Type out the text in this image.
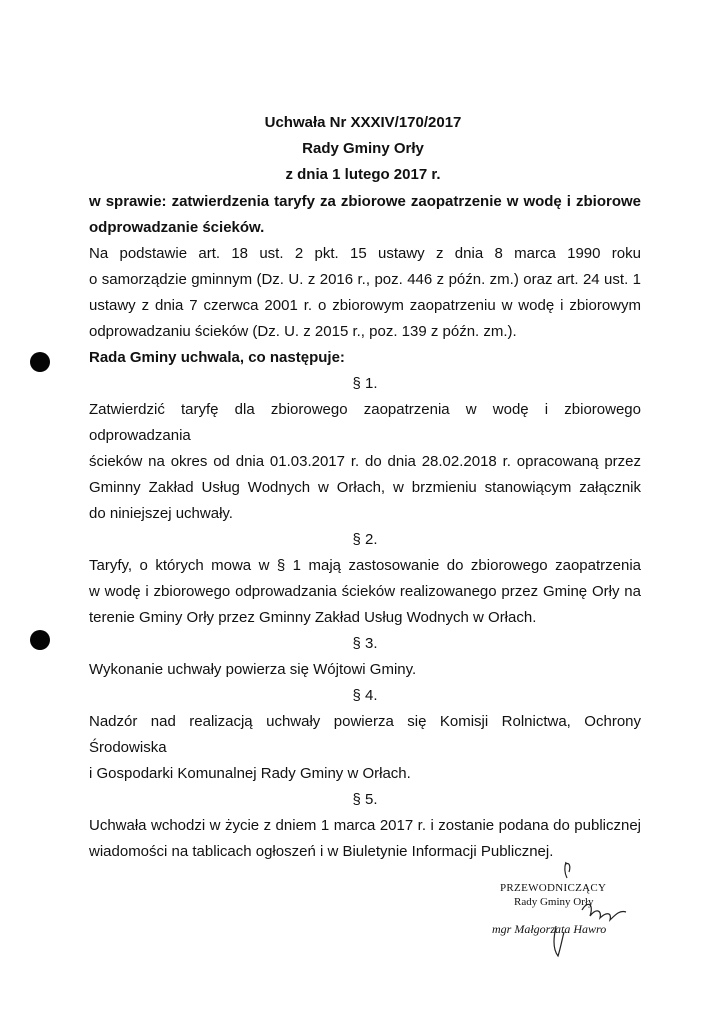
Uchwała Nr XXXIV/170/2017
Rady Gminy Orły
z dnia 1 lutego 2017 r.

w sprawie: zatwierdzenia taryfy za zbiorowe zaopatrzenie w wodę i zbiorowe

odprowadzanie ścieków.

Na podstawie art. 18 ust. 2 pkt. 15 ustawy z dnia 8 marca 1990 roku

o samorządzie gminnym (Dz. U. z 2016 r., poz. 446 z późn. zm.) oraz art. 24 ust. 1

ustawy z dnia 7 czerwca 2001 r. o zbiorowym zaopatrzeniu w wodę i zbiorowym

odprowadzaniu ścieków (Dz. U. z 2015 r., poz. 139 z późn. zm.).

Rada Gminy uchwala, co następuje:

§ 1.

Zatwierdzić taryfę dla zbiorowego zaopatrzenia w wodę i zbiorowego odprowadzania

ścieków na okres od dnia 01.03.2017 r. do dnia 28.02.2018 r. opracowaną przez

Gminny Zakład Usług Wodnych w Orłach, w brzmieniu stanowiącym załącznik

do niniejszej uchwały.

§ 2.

Taryfy, o których mowa w § 1 mają zastosowanie do zbiorowego zaopatrzenia

w wodę i zbiorowego odprowadzania ścieków realizowanego przez Gminę Orły na

terenie Gminy Orły przez Gminny Zakład Usług Wodnych w Orłach.

§ 3.

Wykonanie uchwały powierza się Wójtowi Gminy.

§ 4.

Nadzór nad realizacją uchwały powierza się Komisji Rolnictwa, Ochrony Środowiska

i Gospodarki Komunalnej Rady Gminy w Orłach.

§ 5.

Uchwała wchodzi w życie z dniem 1 marca 2017 r. i zostanie podana do publicznej

wiadomości na tablicach ogłoszeń i w Biuletynie Informacji Publicznej.

PRZEWODNICZĄCY
Rady Gminy Orły
mgr Małgorzata Hawro
